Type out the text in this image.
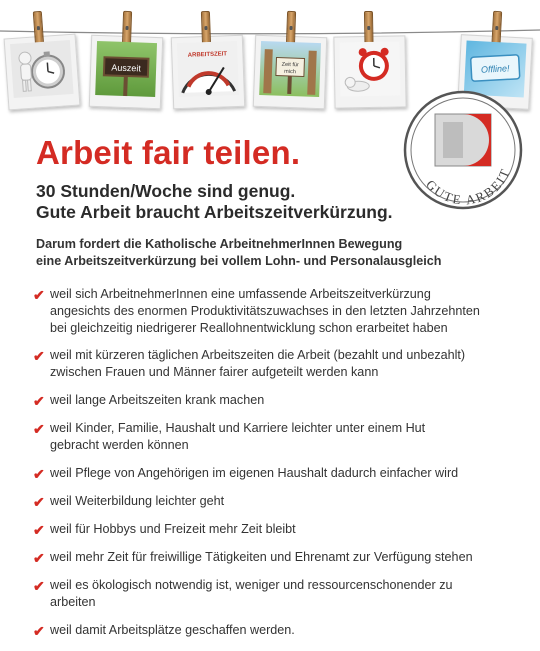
Auszeit
ARBEITSZEIT
Zeit für
mich	Offline!
GUTE ARBEIT
Arbeit fair teilen.
30 Stunden/Woche sind genug.
Gute Arbeit braucht Arbeitszeitverkürzung.
Darum fordert die Katholische ArbeitnehmerInnen Bewegung
eine Arbeitszeitverkürzung bei vollem Lohn- und Personalausgleich
✔ weil sich ArbeitnehmerInnen eine umfassende Arbeitszeitverkürzung
angesichts des enormen Produktivitätszuwachses in den letzten Jahrzehnten
bei gleichzeitig niedrigerer Reallohnentwicklung schon erarbeitet haben
✔ weil mit kürzeren täglichen Arbeitszeiten die Arbeit (bezahlt und unbezahlt)
zwischen Frauen und Männer fairer aufgeteilt werden kann
✔ weil lange Arbeitszeiten krank machen
✔ weil Kinder, Familie, Haushalt und Karriere leichter unter einem Hut
gebracht werden können
✔ weil Pflege von Angehörigen im eigenen Haushalt dadurch einfacher wird
✔ weil Weiterbildung leichter geht
✔ weil für Hobbys und Freizeit mehr Zeit bleibt
✔ weil mehr Zeit für freiwillige Tätigkeiten und Ehrenamt zur Verfügung stehen
✔ weil es ökologisch notwendig ist, weniger und ressourcenschonender zu
arbeiten
✔ weil damit Arbeitsplätze geschaffen werden.
